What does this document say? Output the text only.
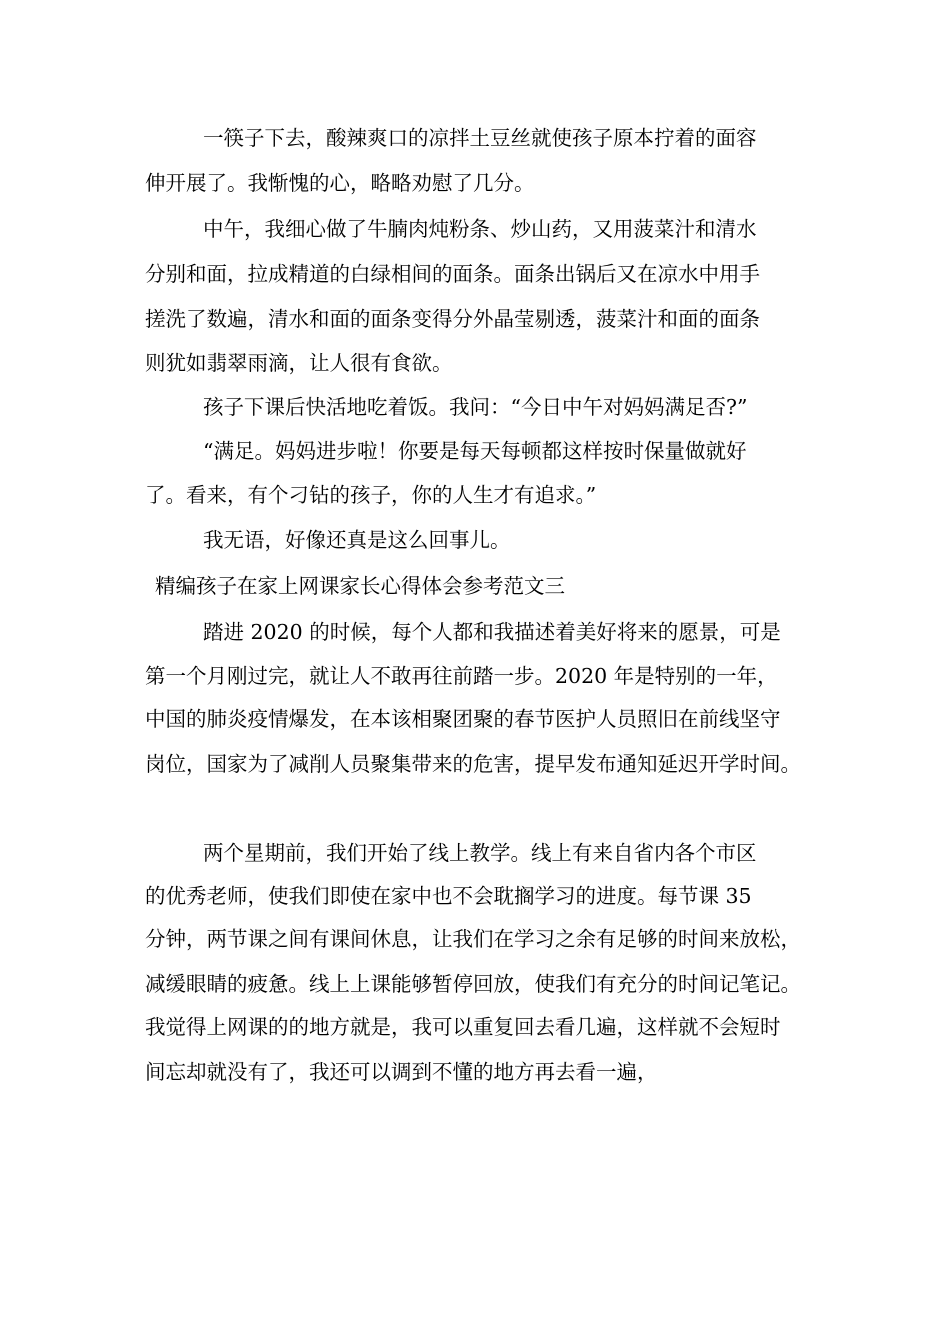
一筷子下去，酸辣爽口的凉拌土豆丝就使孩子原本拧着的面容
伸开展了。我惭愧的心，略略劝慰了几分。
中午，我细心做了牛腩肉炖粉条、炒山药，又用菠菜汁和清水
分别和面，拉成精道的白绿相间的面条。面条出锅后又在凉水中用手
搓洗了数遍，清水和面的面条变得分外晶莹剔透，菠菜汁和面的面条
则犹如翡翠雨滴，让人很有食欲。
孩子下课后快活地吃着饭。我问：“今日中午对妈妈满足否?”
“满足。妈妈进步啦！你要是每天每顿都这样按时保量做就好
了。看来，有个刁钻的孩子，你的人生才有追求。”
我无语，好像还真是这么回事儿。
精编孩子在家上网课家长心得体会参考范文三
踏进 2020 的时候，每个人都和我描述着美好将来的愿景，可是
第一个月刚过完，就让人不敢再往前踏一步。2020 年是特别的一年，
中国的肺炎疫情爆发，在本该相聚团聚的春节医护人员照旧在前线坚守
岗位，国家为了减削人员聚集带来的危害，提早发布通知延迟开学时间。
两个星期前，我们开始了线上教学。线上有来自省内各个市区
的优秀老师，使我们即使在家中也不会耽搁学习的进度。每节课 35
分钟，两节课之间有课间休息，让我们在学习之余有足够的时间来放松，
减缓眼睛的疲惫。线上上课能够暂停回放，使我们有充分的时间记笔记。
我觉得上网课的的地方就是，我可以重复回去看几遍，这样就不会短时
间忘却就没有了，我还可以调到不懂的地方再去看一遍，
